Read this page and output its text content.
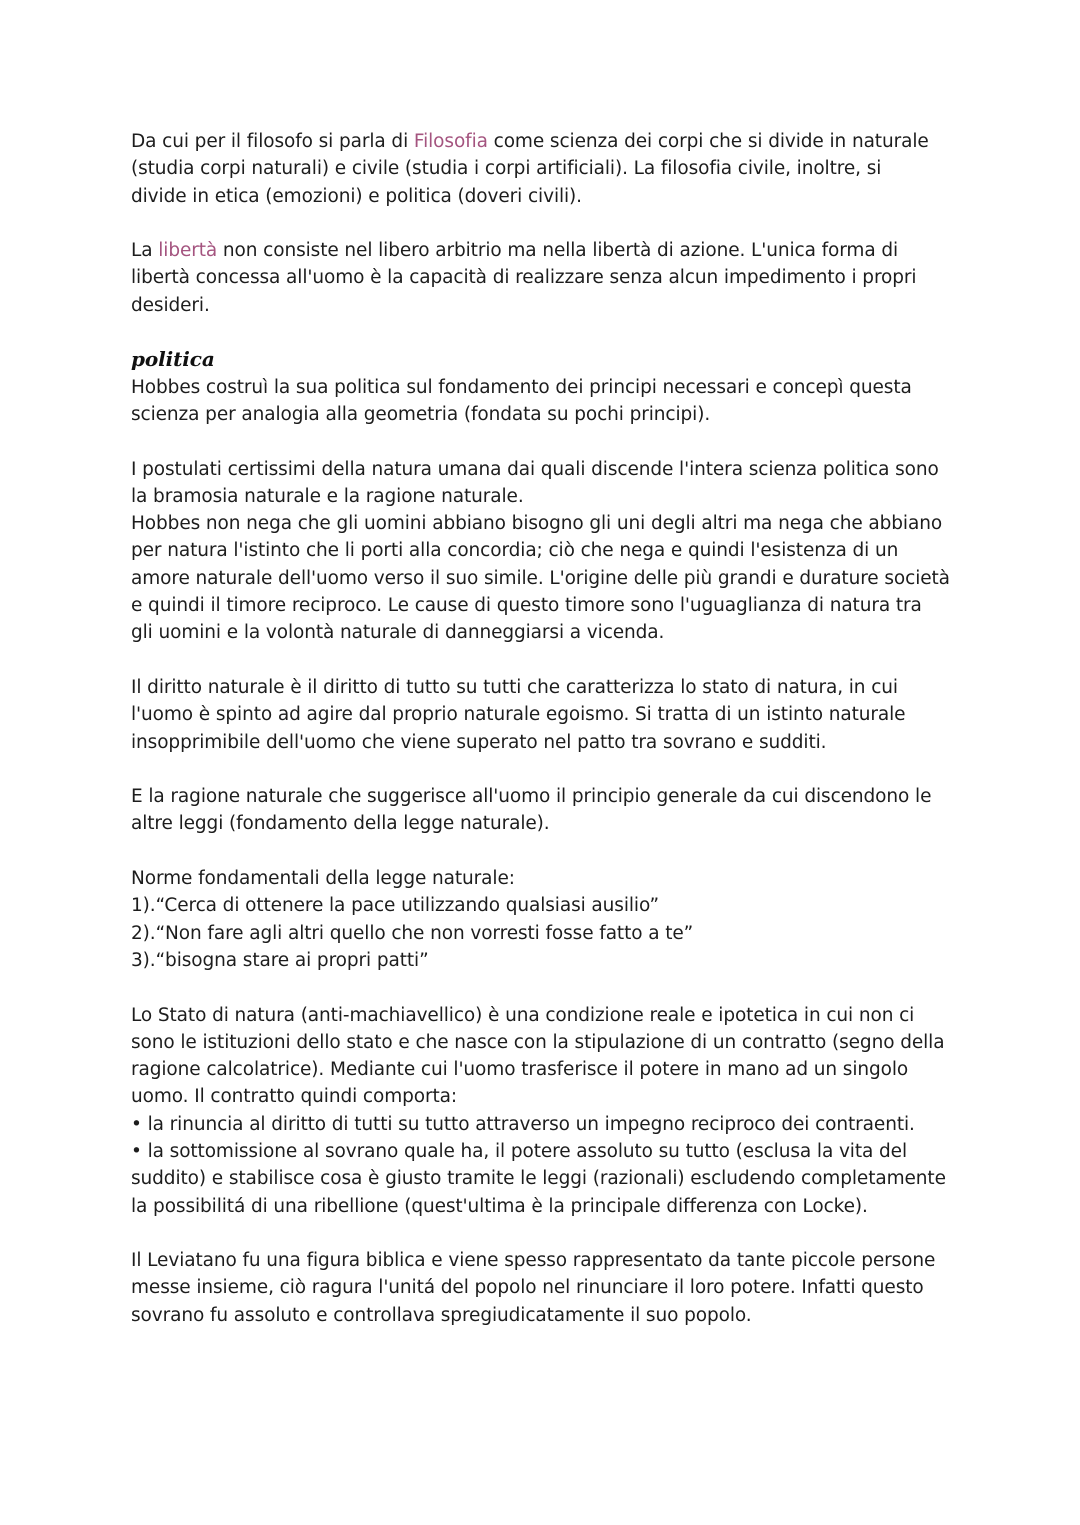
Da cui per il filosofo si parla di Filosofia come scienza dei corpi che si divide in naturale
(studia corpi naturali) e civile (studia i corpi artificiali). La filosofia civile, inoltre, si
divide in etica (emozioni) e politica (doveri civili).

La libertà non consiste nel libero arbitrio ma nella libertà di azione. L'unica forma di
libertà concessa all'uomo è la capacità di realizzare senza alcun impedimento i propri
desideri.

politica

Hobbes costruì la sua politica sul fondamento dei principi necessari e concepì questa
scienza per analogia alla geometria (fondata su pochi principi).

I postulati certissimi della natura umana dai quali discende l'intera scienza politica sono
la bramosia naturale e la ragione naturale.
Hobbes non nega che gli uomini abbiano bisogno gli uni degli altri ma nega che abbiano
per natura l'istinto che li porti alla concordia; ciò che nega e quindi l'esistenza di un
amore naturale dell'uomo verso il suo simile. L'origine delle più grandi e durature società
e quindi il timore reciproco. Le cause di questo timore sono l'uguaglianza di natura tra
gli uomini e la volontà naturale di danneggiarsi a vicenda.

Il diritto naturale è il diritto di tutto su tutti che caratterizza lo stato di natura, in cui
l'uomo è spinto ad agire dal proprio naturale egoismo. Si tratta di un istinto naturale
insopprimibile dell'uomo che viene superato nel patto tra sovrano e sudditi.

E la ragione naturale che suggerisce all'uomo il principio generale da cui discendono le
altre leggi (fondamento della legge naturale).

Norme fondamentali della legge naturale:
1).“Cerca di ottenere la pace utilizzando qualsiasi ausilio”
2).“Non fare agli altri quello che non vorresti fosse fatto a te”
3).“bisogna stare ai propri patti”

Lo Stato di natura (anti-machiavellico) è una condizione reale e ipotetica in cui non ci
sono le istituzioni dello stato e che nasce con la stipulazione di un contratto (segno della
ragione calcolatrice). Mediante cui l'uomo trasferisce il potere in mano ad un singolo
uomo. Il contratto quindi comporta:
• la rinuncia al diritto di tutti su tutto attraverso un impegno reciproco dei contraenti.
• la sottomissione al sovrano quale ha, il potere assoluto su tutto (esclusa la vita del
suddito) e stabilisce cosa è giusto tramite le leggi (razionali) escludendo completamente
la possibilitá di una ribellione (quest'ultima è la principale differenza con Locke).

Il Leviatano fu una figura biblica e viene spesso rappresentato da tante piccole persone
messe insieme, ciò ragura l'unitá del popolo nel rinunciare il loro potere. Infatti questo
sovrano fu assoluto e controllava spregiudicatamente il suo popolo.
